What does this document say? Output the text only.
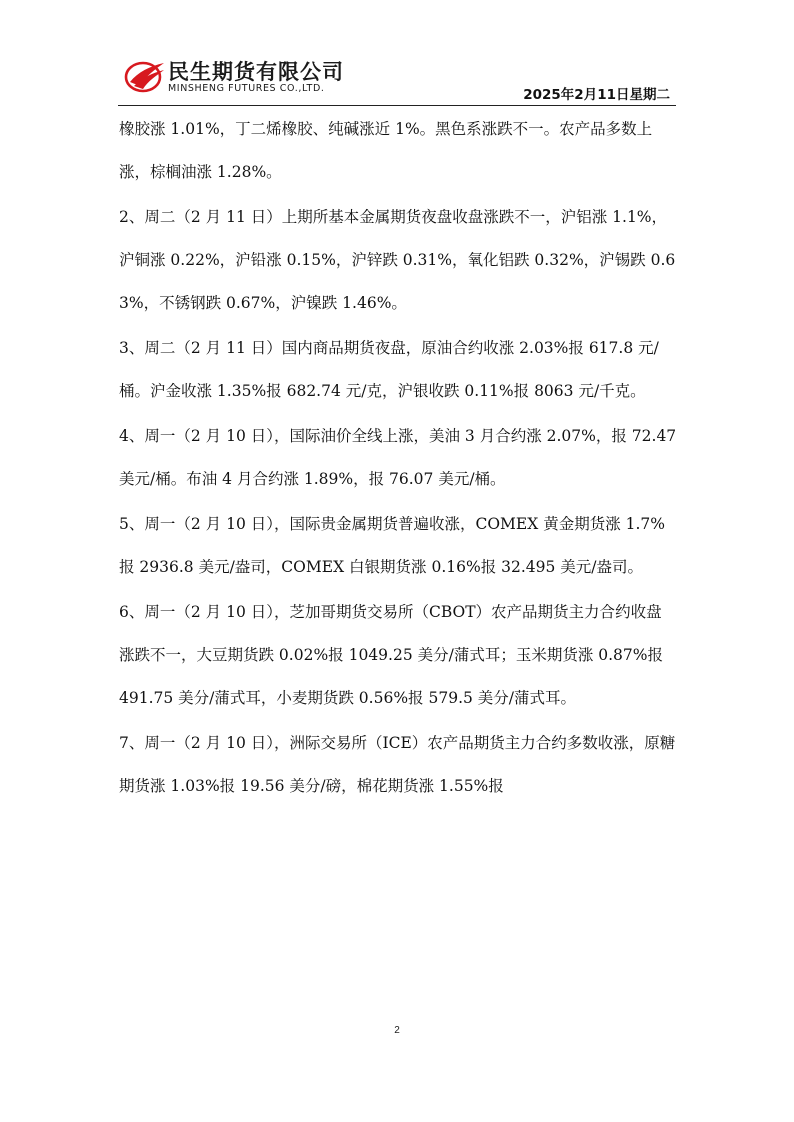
民生期货有限公司
MINSHENG FUTURES CO.,LTD.	2025年2月11日星期二

橡胶涨 1.01%，丁二烯橡胶、纯碱涨近 1%。黑色系涨跌不一。农产品多数上涨，棕榈油涨 1.28%。

2、周二（2 月 11 日）上期所基本金属期货夜盘收盘涨跌不一，沪铝涨 1.1%，沪铜涨 0.22%，沪铅涨 0.15%，沪锌跌 0.31%，氧化铝跌 0.32%，沪锡跌 0.63%，不锈钢跌 0.67%，沪镍跌 1.46%。

3、周二（2 月 11 日）国内商品期货夜盘，原油合约收涨 2.03%报 617.8 元/桶。沪金收涨 1.35%报 682.74 元/克，沪银收跌 0.11%报 8063 元/千克。

4、周一（2 月 10 日），国际油价全线上涨，美油 3 月合约涨 2.07%，报 72.47 美元/桶。布油 4 月合约涨 1.89%，报 76.07 美元/桶。

5、周一（2 月 10 日），国际贵金属期货普遍收涨，COMEX 黄金期货涨 1.7%报 2936.8 美元/盎司，COMEX 白银期货涨 0.16%报 32.495 美元/盎司。

6、周一（2 月 10 日），芝加哥期货交易所（CBOT）农产品期货主力合约收盘涨跌不一，大豆期货跌 0.02%报 1049.25 美分/蒲式耳；玉米期货涨 0.87%报 491.75 美分/蒲式耳，小麦期货跌 0.56%报 579.5 美分/蒲式耳。

7、周一（2 月 10 日），洲际交易所（ICE）农产品期货主力合约多数收涨，原糖期货涨 1.03%报 19.56 美分/磅，棉花期货涨 1.55%报

2
